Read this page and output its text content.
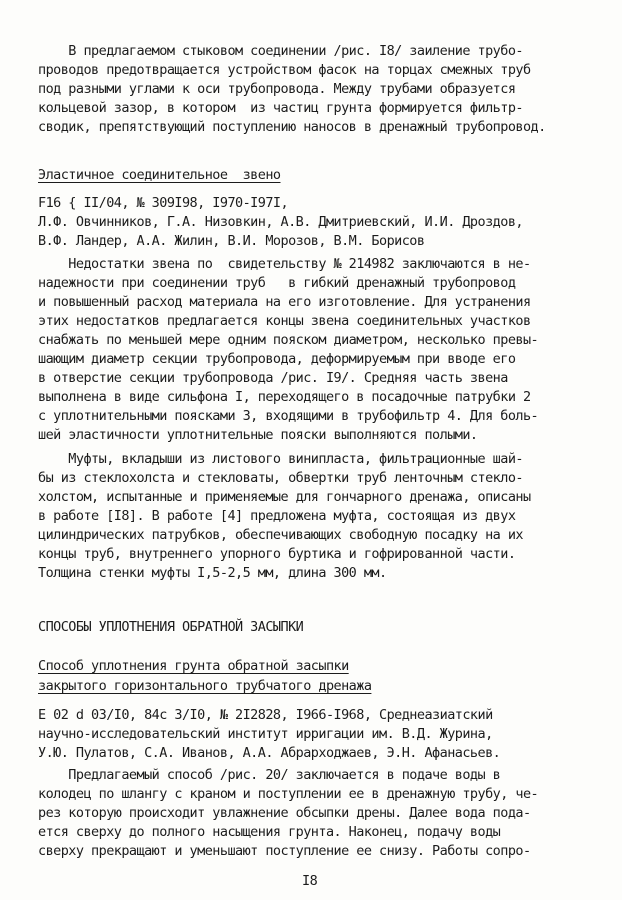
В предлагаемом стыковом соединении /рис. I8/ заиление трубо-
проводов предотвращается устройством фасок на торцах смежных труб
под разными углами к оси трубопровода. Между трубами образуется
кольцевой зазор, в котором  из частиц грунта формируется фильтр-
сводик, препятствующий поступлению наносов в дренажный трубопровод.
Эластичное соединительное  звено
F16 { II/04, № 309I98, I970-I97I,
Л.Ф. Овчинников, Г.А. Низовкин, А.В. Дмитриевский, И.И. Дроздов,
В.Ф. Ландер, А.А. Жилин, В.И. Морозов, В.М. Борисов
Недостатки звена по  свидетельству № 214982 заключаются в не-
надежности при соединении труб   в гибкий дренажный трубопровод
и повышенный расход материала на его изготовление. Для устранения
этих недостатков предлагается концы звена соединительных участков
снабжать по меньшей мере одним пояском диаметром, несколько превы-
шающим диаметр секции трубопровода, деформируемым при вводе его
в отверстие секции трубопровода /рис. I9/. Средняя часть звена
выполнена в виде сильфона I, переходящего в посадочные патрубки 2
с уплотнительными поясками 3, входящими в трубофильтр 4. Для боль-
шей эластичности уплотнительные пояски выполняются полыми.
Муфты, вкладыши из листового винипласта, фильтрационные шай-
бы из стеклохолста и стекловаты, обвертки труб ленточным стекло-
холстом, испытанные и применяемые для гончарного дренажа, описаны
в работе [I8]. В работе [4] предложена муфта, состоящая из двух
цилиндрических патрубков, обеспечивающих свободную посадку на их
концы труб, внутреннего упорного буртика и гофрированной части.
Толщина стенки муфты I,5-2,5 мм, длина 300 мм.
СПОСОБЫ УПЛОТНЕНИЯ ОБРАТНОЙ ЗАСЫПКИ
Способ уплотнения грунта обратной засыпки
закрытого горизонтального трубчатого дренажа
E 02 d 03/I0, 84c 3/I0, № 2I2828, I966-I968, Среднеазиатский
научно-исследовательский институт ирригации им. В.Д. Журина,
У.Ю. Пулатов, С.А. Иванов, А.А. Абрарходжаев, Э.Н. Афанасьев.
Предлагаемый способ /рис. 20/ заключается в подаче воды в
колодец по шлангу с краном и поступлении ее в дренажную трубу, че-
рез которую происходит увлажнение обсыпки дрены. Далее вода пода-
ется сверху до полного насыщения грунта. Наконец, подачу воды
сверху прекращают и уменьшают поступление ее снизу. Работы сопро-
I8
